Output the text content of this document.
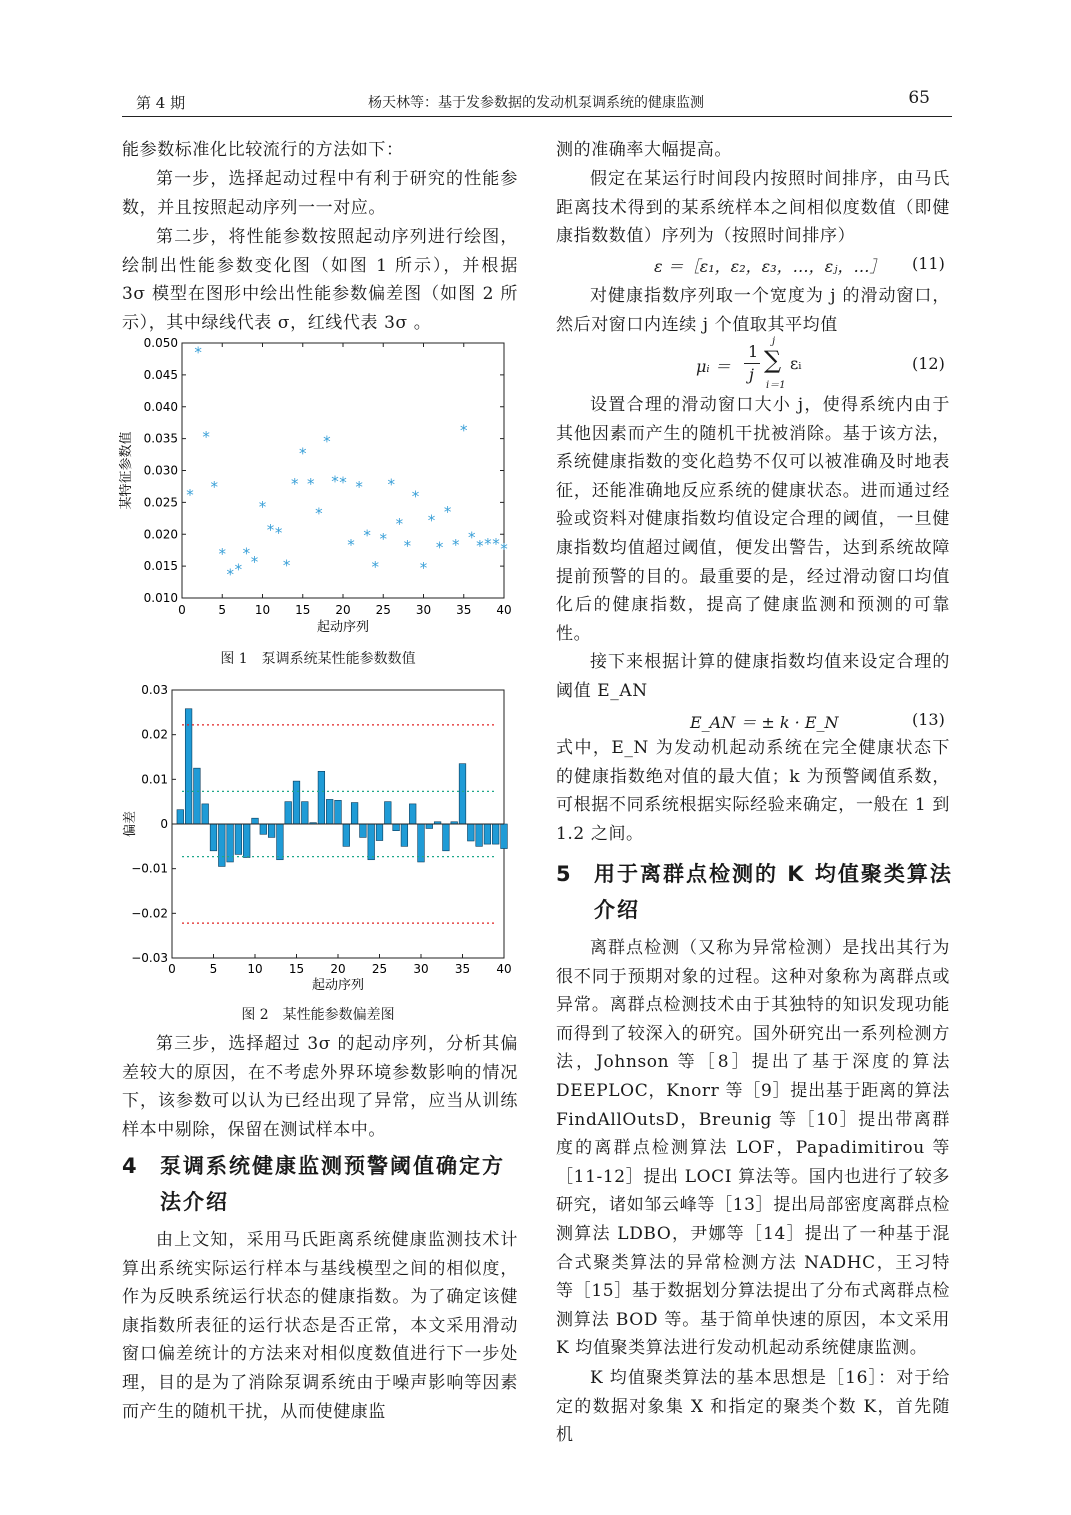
第 4 期	杨天林等：基于发参数据的发动机泵调系统的健康监测	65
能参数标准化比较流行的方法如下：
第一步，选择起动过程中有利于研究的性能参数，并且按照起动序列一一对应。
第二步，将性能参数按照起动序列进行绘图，绘制出性能参数变化图（如图 1 所示），并根据 3σ 模型在图形中绘出性能参数偏差图（如图 2 所示），其中绿线代表 σ，红线代表 3σ 。
0	5 10 15 20 25 30 35 40
0.010
0.015
0.020
0.025
0.030
0.035
0.040
0.045
0.050
起动序列
某特征参数值	*
*
*
*
*
* *
* *
*
* *
*
*
*
*
*
*
* *
*
*
*
*
*
*
*
*
*
*
*
*
*
*
*
* * * * *
图 1　泵调系统某性能参数数值
0	5	10 15 20 25 30 35 40
0.03
0.02
0.01
0
−0.01
−0.02
−0.03
起动序列
偏差
图 2　某性能参数偏差图
第三步，选择超过 3σ 的起动序列，分析其偏差较大的原因，在不考虑外界环境参数影响的情况下，该参数可以认为已经出现了异常，应当从训练样本中剔除，保留在测试样本中。
4 泵调系统健康监测预警阈值确定方法介绍
由上文知，采用马氏距离系统健康监测技术计算出系统实际运行样本与基线模型之间的相似度，作为反映系统运行状态的健康指数。为了确定该健康指数所表征的运行状态是否正常，本文采用滑动窗口偏差统计的方法来对相似度数值进行下一步处理，目的是为了消除泵调系统由于噪声影响等因素而产生的随机干扰，从而使健康监
测的准确率大幅提高。
假定在某运行时间段内按照时间排序，由马氏距离技术得到的某系统样本之间相似度数值（即健康指数数值）序列为（按照时间排序）
ε ＝［ε₁，ε₂，ε₃，…，εⱼ，…］ (11)
对健康指数序列取一个宽度为 j 的滑动窗口，然后对窗口内连续 j 个值取其平均值
μᵢ ＝
1
j
j
∑
i＝1
εᵢ	(12)
设置合理的滑动窗口大小 j，使得系统内由于其他因素而产生的随机干扰被消除。基于该方法，系统健康指数的变化趋势不仅可以被准确及时地表征，还能准确地反应系统的健康状态。进而通过经验或资料对健康指数均值设定合理的阈值，一旦健康指数均值超过阈值，便发出警告，达到系统故障提前预警的目的。最重要的是，经过滑动窗口均值化后的健康指数，提高了健康监测和预测的可靠性。
接下来根据计算的健康指数均值来设定合理的阈值 E_AN
E_AN ＝ ± k · E_N	(13)
式中，E_N 为发动机起动系统在完全健康状态下的健康指数绝对值的最大值；k 为预警阈值系数，可根据不同系统根据实际经验来确定，一般在 1 到 1.2 之间。
5 用于离群点检测的 K 均值聚类算法介绍
离群点检测（又称为异常检测）是找出其行为很不同于预期对象的过程。这种对象称为离群点或异常。离群点检测技术由于其独特的知识发现功能而得到了较深入的研究。国外研究出一系列检测方法，Johnson 等［8］提出了基于深度的算法 DEEPLOC，Knorr 等［9］提出基于距离的算法 FindAllOutsD，Breunig 等［10］提出带离群度的离群点检测算法 LOF，Papadimitirou 等［11-12］提出 LOCI 算法等。国内也进行了较多研究，诸如邹云峰等［13］提出局部密度离群点检测算法 LDBO，尹娜等［14］提出了一种基于混合式聚类算法的异常检测方法 NADHC，王习特等［15］基于数据划分算法提出了分布式离群点检测算法 BOD 等。基于简单快速的原因，本文采用 K 均值聚类算法进行发动机起动系统健康监测。
K 均值聚类算法的基本思想是［16］：对于给定的数据对象集 X 和指定的聚类个数 K，首先随机
